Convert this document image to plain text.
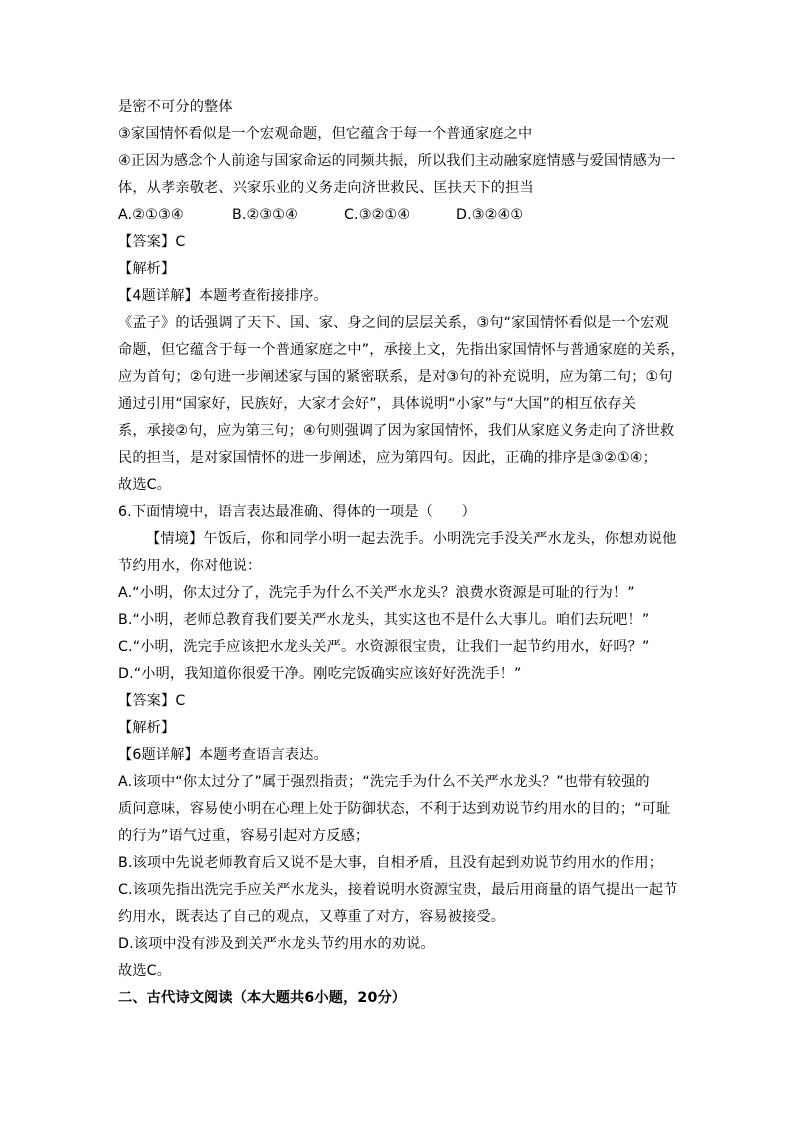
是密不可分的整体
③家国情怀看似是一个宏观命题，但它蕴含于每一个普通家庭之中
④正因为感念个人前途与国家命运的同频共振，所以我们主动融家庭情感与爱国情感为一
体，从孝亲敬老、兴家乐业的义务走向济世救民、匡扶天下的担当
A.②①③④	B.②③①④	C.③②①④	D.③②④①
【答案】C
【解析】
【4题详解】本题考查衔接排序。
《孟子》的话强调了天下、国、家、身之间的层层关系，③句“家国情怀看似是一个宏观
命题，但它蕴含于每一个普通家庭之中”，承接上文，先指出家国情怀与普通家庭的关系，
应为首句；②句进一步阐述家与国的紧密联系，是对③句的补充说明，应为第二句；①句
通过引用“国家好，民族好，大家才会好”，具体说明“小家”与“大国”的相互依存关
系，承接②句，应为第三句；④句则强调了因为家国情怀，我们从家庭义务走向了济世救
民的担当，是对家国情怀的进一步阐述，应为第四句。因此，正确的排序是③②①④；
故选C。
6.下面情境中，语言表达最准确、得体的一项是（　　）
【情境】午饭后，你和同学小明一起去洗手。小明洗完手没关严水龙头，你想劝说他
节约用水，你对他说：
A.“小明，你太过分了，洗完手为什么不关严水龙头？浪费水资源是可耻的行为！”
B.“小明，老师总教育我们要关严水龙头，其实这也不是什么大事儿。咱们去玩吧！”
C.“小明，洗完手应该把水龙头关严。水资源很宝贵，让我们一起节约用水，好吗？”
D.“小明，我知道你很爱干净。刚吃完饭确实应该好好洗洗手！”
【答案】C
【解析】
【6题详解】本题考查语言表达。
A.该项中“你太过分了”属于强烈指责；“洗完手为什么不关严水龙头？”也带有较强的
质问意味，容易使小明在心理上处于防御状态，不利于达到劝说节约用水的目的；“可耻
的行为”语气过重，容易引起对方反感；
B.该项中先说老师教育后又说不是大事，自相矛盾，且没有起到劝说节约用水的作用；
C.该项先指出洗完手应关严水龙头，接着说明水资源宝贵，最后用商量的语气提出一起节
约用水，既表达了自己的观点，又尊重了对方，容易被接受。
D.该项中没有涉及到关严水龙头节约用水的劝说。
故选C。
二、古代诗文阅读（本大题共6小题，20分）
